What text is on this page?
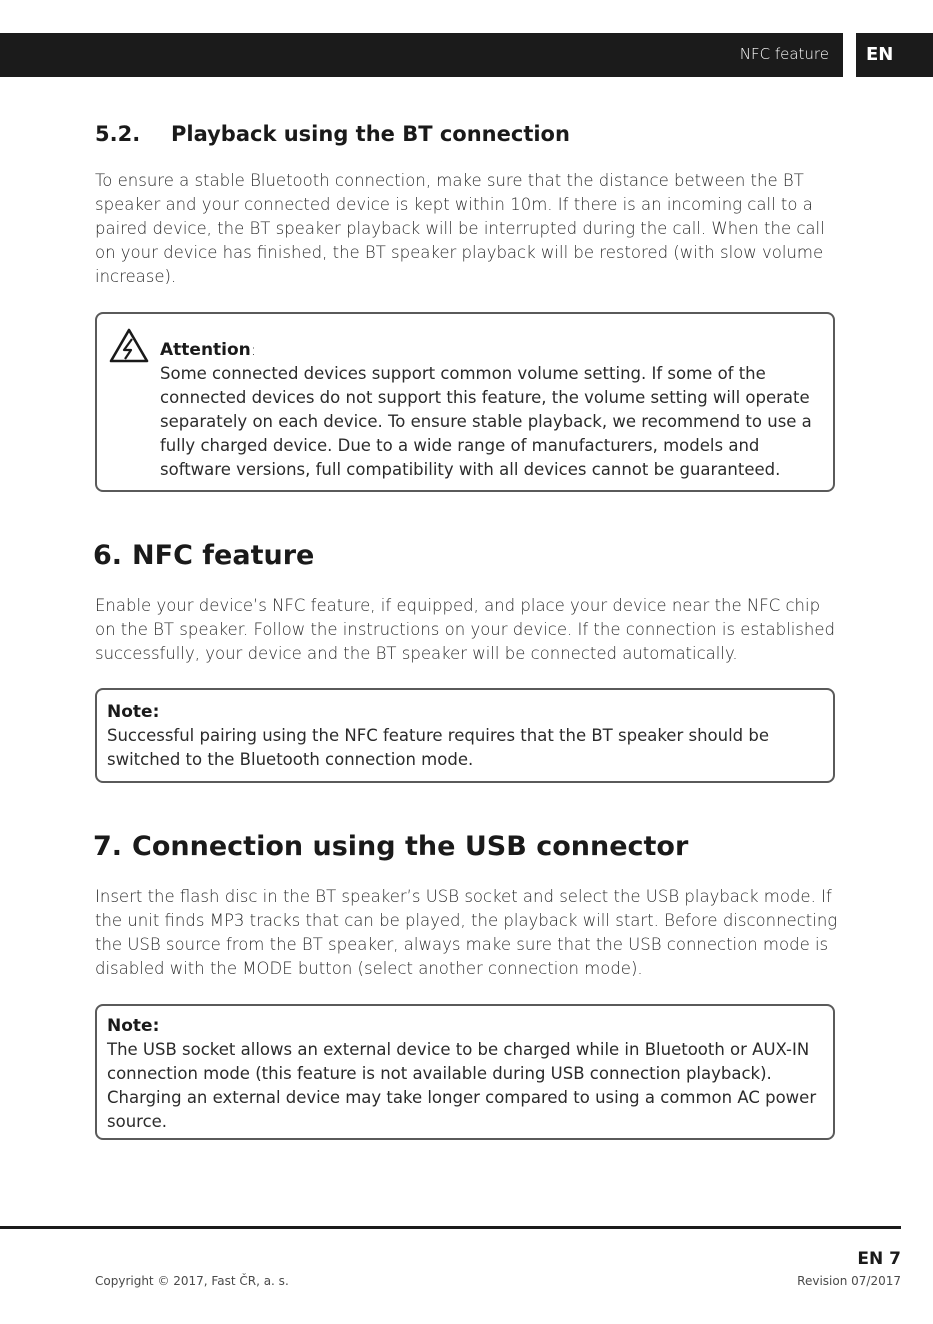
NFC feature EN
5.2. Playback using the BT connection

To ensure a stable Bluetooth connection, make sure that the distance between the BT speaker and your connected device is kept within 10m. If there is an incoming call to a paired device, the BT speaker playback will be interrupted during the call. When the call on your device has finished, the BT speaker playback will be restored (with slow volume increase).

Attention:

Some connected devices support common volume setting. If some of the connected devices do not support this feature, the volume setting will operate separately on each device. To ensure stable playback, we recommend to use a fully charged device. Due to a wide range of manufacturers, models and software versions, full compatibility with all devices cannot be guaranteed.

6. NFC feature

Enable your device’s NFC feature, if equipped, and place your device near the NFC chip on the BT speaker. Follow the instructions on your device. If the connection is established successfully, your device and the BT speaker will be connected automatically.

Note:

Successful pairing using the NFC feature requires that the BT speaker should be switched to the Bluetooth connection mode.

7. Connection using the USB connector

Insert the flash disc in the BT speaker’s USB socket and select the USB playback mode. If the unit finds MP3 tracks that can be played, the playback will start. Before disconnecting the USB source from the BT speaker, always make sure that the USB connection mode is disabled with the MODE button (select another connection mode).

Note:

The USB socket allows an external device to be charged while in Bluetooth or AUX-IN connection mode (this feature is not available during USB connection playback). Charging an external device may take longer compared to using a common AC power source.

EN 7
Copyright © 2017, Fast ČR, a. s.	Revision 07/2017
